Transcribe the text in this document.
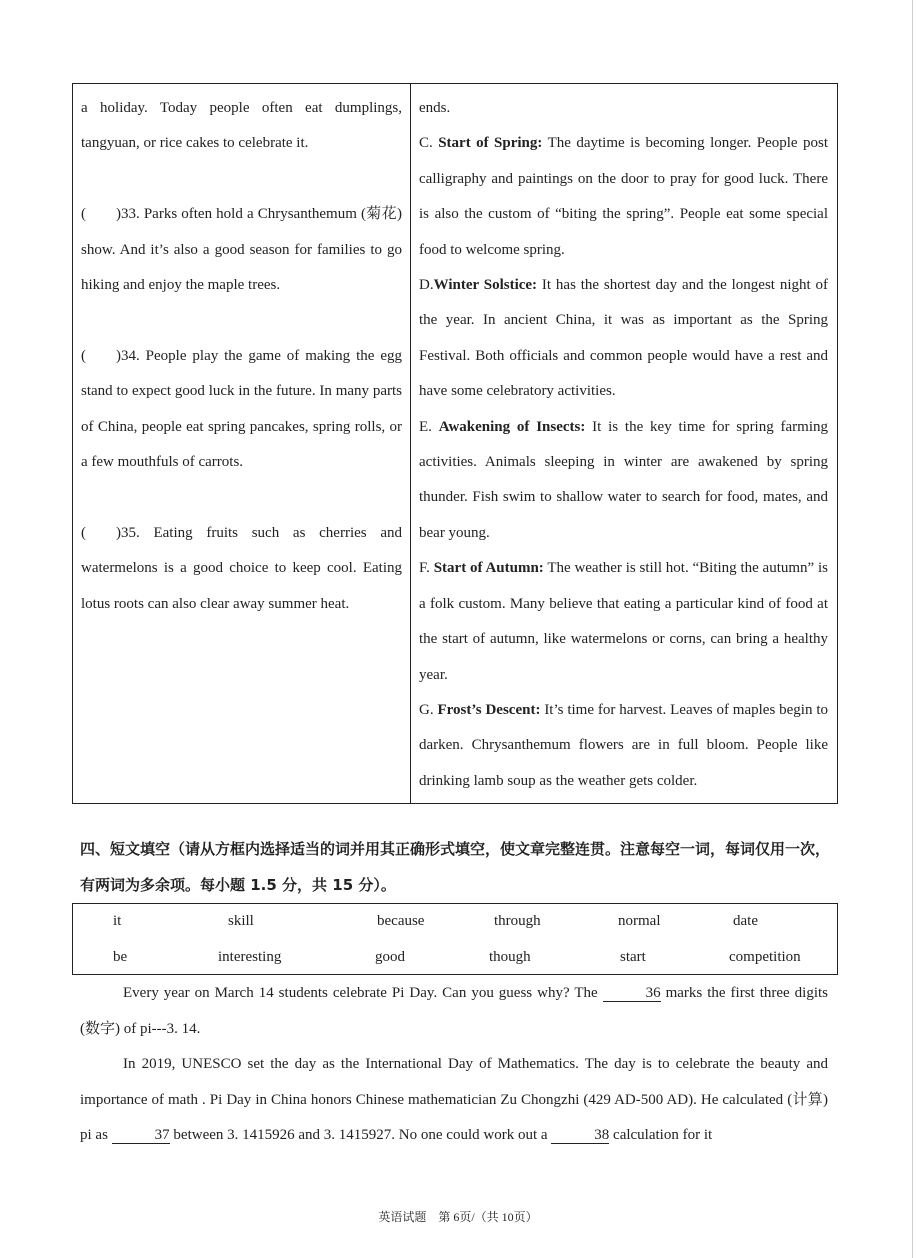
a holiday. Today people often eat dumplings, tangyuan, or rice cakes to celebrate it.

(  )33. Parks often hold a Chrysanthemum (菊花) show. And it’s also a good season for families to go hiking and enjoy the maple trees.

(  )34. People play the game of making the egg stand to expect good luck in the future. In many parts of China, people eat spring pancakes, spring rolls, or a few mouthfuls of carrots.

(  )35. Eating fruits such as cherries and watermelons is a good choice to keep cool. Eating lotus roots can also clear away summer heat.

ends.

C. Start of Spring: The daytime is becoming longer. People post calligraphy and paintings on the door to pray for good luck. There is also the custom of “biting the spring”. People eat some special food to welcome spring.

D.Winter Solstice: It has the shortest day and the longest night of the year. In ancient China, it was as important as the Spring Festival. Both officials and common people would have a rest and have some celebratory activities.

E. Awakening of Insects: It is the key time for spring farming activities. Animals sleeping in winter are awakened by spring thunder. Fish swim to shallow water to search for food, mates, and bear young.

F. Start of Autumn: The weather is still hot. “Biting the autumn” is a folk custom. Many believe that eating a particular kind of food at the start of autumn, like watermelons or corns, can bring a healthy year.

G. Frost’s Descent: It’s time for harvest. Leaves of maples begin to darken. Chrysanthemum flowers are in full bloom. People like drinking lamb soup as the weather gets colder.

四、短文填空（请从方框内选择适当的词并用其正确形式填空，使文章完整连贯。注意每空一词，每词仅用一次，有两词为多余项。每小题 1.5 分，共 15 分）。

it	skill	because	through	normal	date
be	interesting	good	though	start	competition

Every year on March 14 students celebrate Pi Day. Can you guess why? The	36 marks the first three digits (数字) of pi---3. 14.

In 2019, UNESCO set the day as the International Day of Mathematics. The day is to celebrate the beauty and importance of math . Pi Day in China honors Chinese mathematician Zu Chongzhi (429 AD-500 AD). He calculated (计算) pi as	37 between 3. 1415926 and 3. 1415927. No one could work out a	38 calculation for it

英语试题　第 6页/（共 10页）
